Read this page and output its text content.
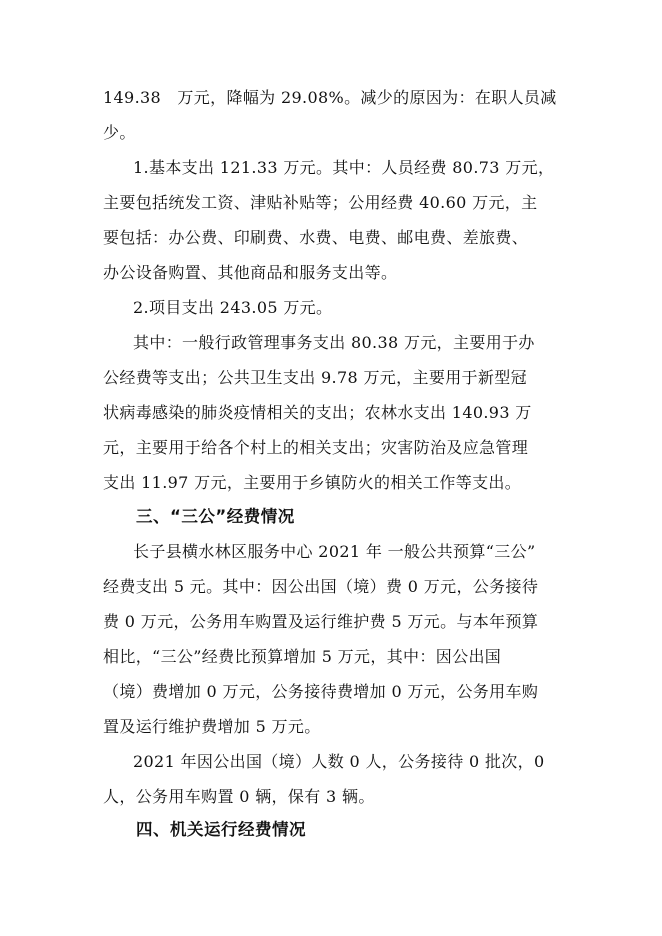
149.38　万元，降幅为 29.08%。减少的原因为：在职人员减
少。
1.基本支出 121.33 万元。其中：人员经费 80.73 万元，
主要包括统发工资、津贴补贴等；公用经费 40.60 万元，主
要包括：办公费、印刷费、水费、电费、邮电费、差旅费、
办公设备购置、其他商品和服务支出等。
2.项目支出 243.05 万元。
其中：一般行政管理事务支出 80.38 万元，主要用于办
公经费等支出；公共卫生支出 9.78 万元，主要用于新型冠
状病毒感染的肺炎疫情相关的支出；农林水支出 140.93 万
元，主要用于给各个村上的相关支出；灾害防治及应急管理
支出 11.97 万元，主要用于乡镇防火的相关工作等支出。
三、“三公”经费情况
长子县横水林区服务中心 2021 年 一般公共预算“三公”
经费支出 5 元。其中：因公出国（境）费 0 万元，公务接待
费 0 万元，公务用车购置及运行维护费 5 万元。与本年预算
相比，“三公”经费比预算增加 5 万元，其中：因公出国
（境）费增加 0 万元，公务接待费增加 0 万元，公务用车购
置及运行维护费增加 5 万元。
2021 年因公出国（境）人数 0 人，公务接待 0 批次，0
人，公务用车购置 0 辆，保有 3 辆。
四、机关运行经费情况
